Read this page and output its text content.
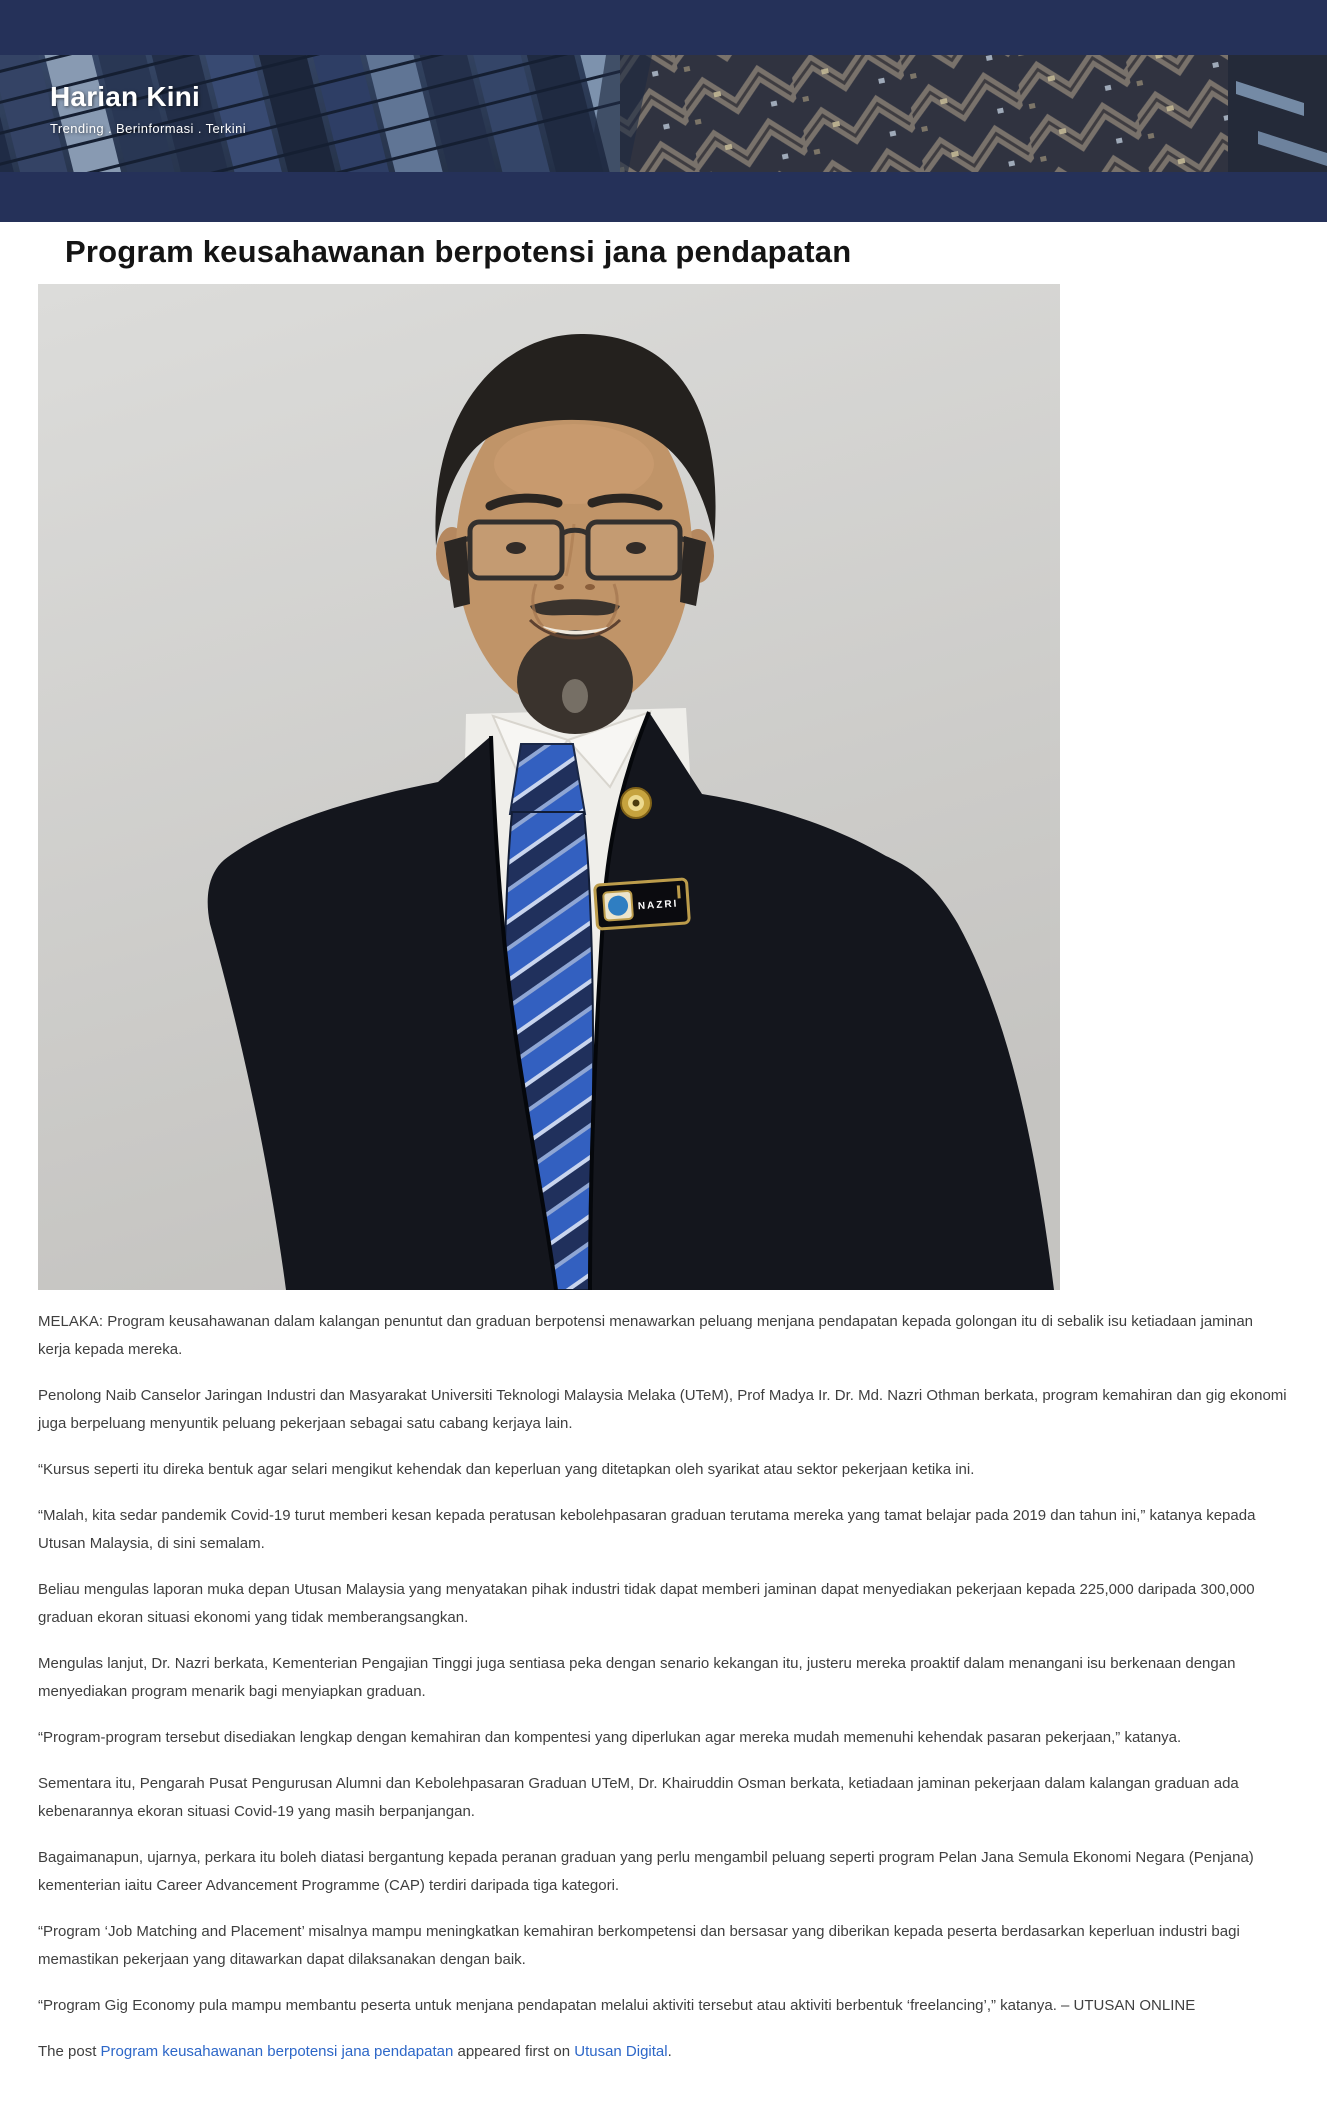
Harian Kini
Trending . Berinformasi . Terkini
Program keusahawanan berpotensi jana pendapatan
NAZRI

MELAKA: Program keusahawanan dalam kalangan penuntut dan graduan berpotensi menawarkan peluang menjana pendapatan kepada golongan itu di sebalik isu ketiadaan jaminan kerja kepada mereka.

Penolong Naib Canselor Jaringan Industri dan Masyarakat Universiti Teknologi Malaysia Melaka (UTeM), Prof Madya Ir. Dr. Md. Nazri Othman berkata, program kemahiran dan gig ekonomi juga berpeluang menyuntik peluang pekerjaan sebagai satu cabang kerjaya lain.

“Kursus seperti itu direka bentuk agar selari mengikut kehendak dan keperluan yang ditetapkan oleh syarikat atau sektor pekerjaan ketika ini.

“Malah, kita sedar pandemik Covid-19 turut memberi kesan kepada peratusan kebolehpasaran graduan terutama mereka yang tamat belajar pada 2019 dan tahun ini,” katanya kepada Utusan Malaysia, di sini semalam.

Beliau mengulas laporan muka depan Utusan Malaysia yang menyatakan pihak industri tidak dapat memberi jaminan dapat menyediakan pekerjaan kepada 225,000 daripada 300,000 graduan ekoran situasi ekonomi yang tidak memberangsangkan.

Mengulas lanjut, Dr. Nazri berkata, Kementerian Pengajian Tinggi juga sentiasa peka dengan senario kekangan itu, justeru mereka proaktif dalam menangani isu berkenaan dengan menyediakan program menarik bagi menyiapkan graduan.

“Program-program tersebut disediakan lengkap dengan kemahiran dan kompentesi yang diperlukan agar mereka mudah memenuhi kehendak pasaran pekerjaan,” katanya.

Sementara itu, Pengarah Pusat Pengurusan Alumni dan Kebolehpasaran Graduan UTeM, Dr. Khairuddin Osman berkata, ketiadaan jaminan pekerjaan dalam kalangan graduan ada kebenarannya ekoran situasi Covid-19 yang masih berpanjangan.

Bagaimanapun, ujarnya, perkara itu boleh diatasi bergantung kepada peranan graduan yang perlu mengambil peluang seperti program Pelan Jana Semula Ekonomi Negara (Penjana) kementerian iaitu Career Advancement Programme (CAP) terdiri daripada tiga kategori.

“Program ‘Job Matching and Placement’ misalnya mampu meningkatkan kemahiran berkompetensi dan bersasar yang diberikan kepada peserta berdasarkan keperluan industri bagi memastikan pekerjaan yang ditawarkan dapat dilaksanakan dengan baik.

“Program Gig Economy pula mampu membantu peserta untuk menjana pendapatan melalui aktiviti tersebut atau aktiviti berbentuk ‘freelancing’,” katanya. – UTUSAN ONLINE

The post Program keusahawanan berpotensi jana pendapatan appeared first on Utusan Digital.
